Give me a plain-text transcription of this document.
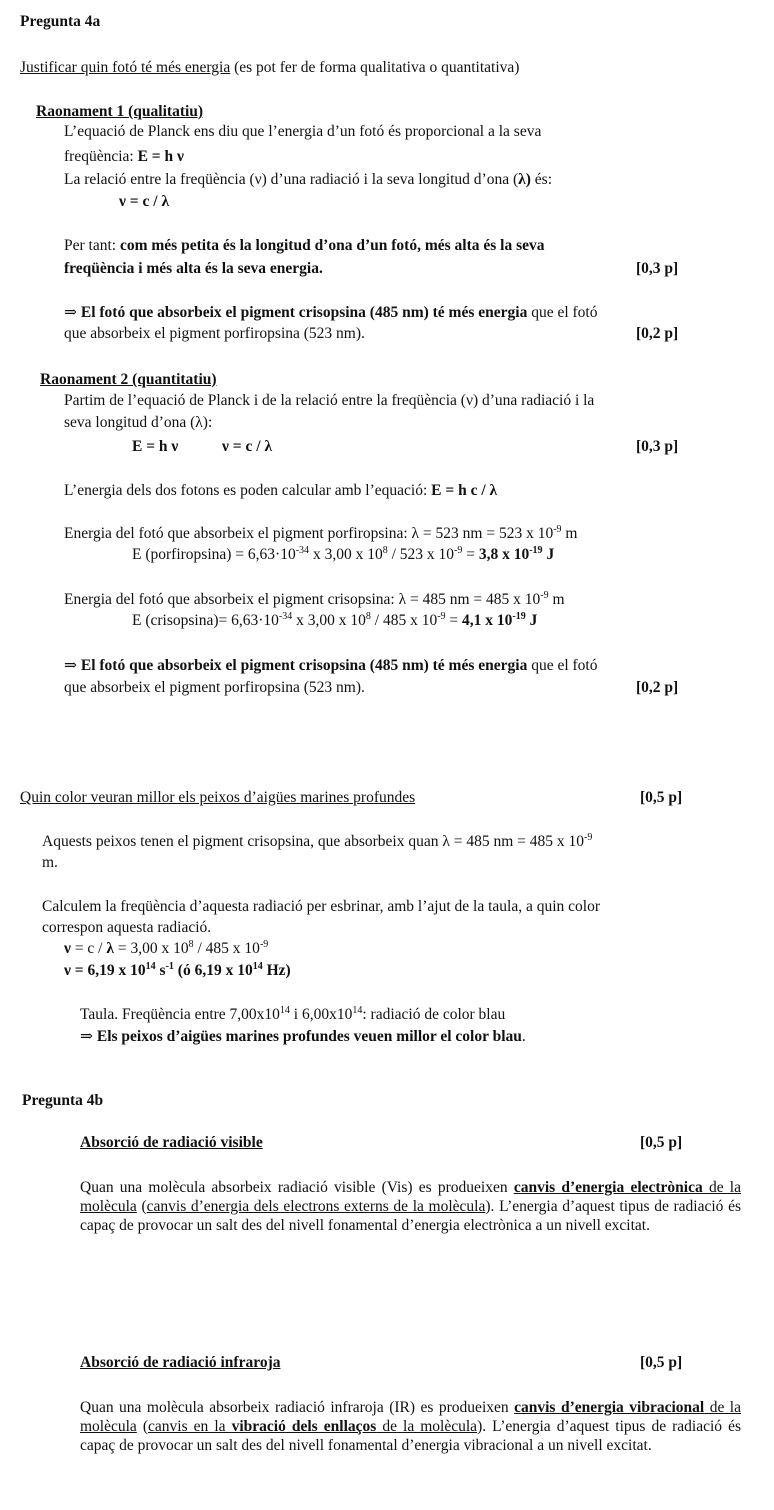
Pregunta 4a
Justificar quin fotó té més energia (es pot fer de forma qualitativa o quantitativa)
Raonament 1 (qualitatiu)
L’equació de Planck ens diu que l’energia d’un fotó és proporcional a la seva
freqüència: E = h ν
La relació entre la freqüència (ν) d’una radiació i la seva longitud d’ona (λ) és:
ν = c / λ
Per tant: com més petita és la longitud d’ona d’un fotó, més alta és la seva
freqüència i més alta és la seva energia.	[0,3 p]
⇒ El fotó que absorbeix el pigment crisopsina (485 nm) té més energia que el fotó
que absorbeix el pigment porfiropsina (523 nm).	[0,2 p]
Raonament 2 (quantitatiu)
Partim de l’equació de Planck i de la relació entre la freqüència (ν) d’una radiació i la
seva longitud d’ona (λ):
E = h ν	ν = c / λ	[0,3 p]
L’energia dels dos fotons es poden calcular amb l’equació: E = h c / λ
Energia del fotó que absorbeix el pigment porfiropsina: λ = 523 nm = 523 x $10^{-9}$ m
E (porfiropsina) = $6,63\cdot 10^{-34}$ x 3,00 x $10^8 / 523$ x $10^{-9} = 3,8$ x $10^{-19}$ J
Energia del fotó que absorbeix el pigment crisopsina: λ = 485 nm = 485 x $10^{-9}$ m
E (crisopsina)= $6,63\cdot 10^{-34}$ x 3,00 x $10^8 / 485$ x $10^{-9} = 4,1$ x $10^{-19}$ J
⇒ El fotó que absorbeix el pigment crisopsina (485 nm) té més energia que el fotó
que absorbeix el pigment porfiropsina (523 nm).	[0,2 p]
Quin color veuran millor els peixos d’aigües marines profundes	[0,5 p]
Aquests peixos tenen el pigment crisopsina, que absorbeix quan λ = 485 nm = 485 x $10^{-9}$
m.
Calculem la freqüència d’aquesta radiació per esbrinar, amb l’ajut de la taula, a quin color
correspon aquesta radiació.
ν = c / λ = 3,00 x $10^8 / 485$ x $10^{-9}$
ν = 6,19 x $10^{14}$ $s^{-1}$ (ó 6,19 x $10^{14}$ Hz)
Taula. Freqüència entre $7,00x10^{14}$ i $6,00x10^{14}$: radiació de color blau
⇒ Els peixos d’aigües marines profundes veuen millor el color blau.
Pregunta 4b
Absorció de radiació visible	[0,5 p]
Quan una molècula absorbeix radiació visible (Vis) es produeixen canvis d’energia electrònica de la molècula (canvis d’energia dels electrons externs de la molècula). L’energia d’aquest tipus de radiació és capaç de provocar un salt des del nivell fonamental d’energia electrònica a un nivell excitat.
Absorció de radiació infraroja	[0,5 p]
Quan una molècula absorbeix radiació infraroja (IR) es produeixen canvis d’energia vibracional de la molècula (canvis en la vibració dels enllaços de la molècula). L’energia d’aquest tipus de radiació és capaç de provocar un salt des del nivell fonamental d’energia vibracional a un nivell excitat.
